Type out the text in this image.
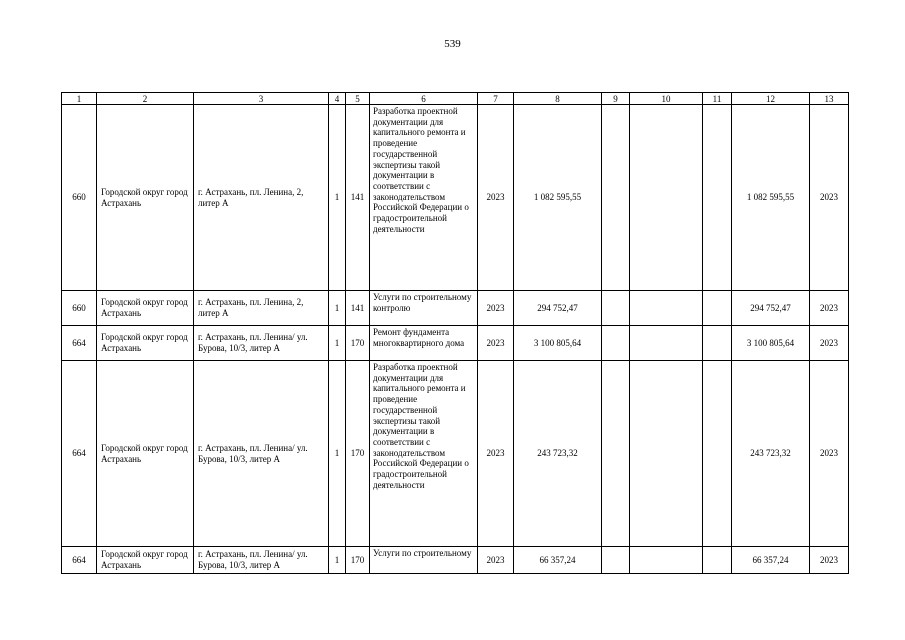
539
1	2	3	4	5	6	7	8	9	10	11	12	13
660	Городской округ город Астрахань	г. Астрахань, пл. Ленина, 2, литер А	1	141	Разработка проектной документации для капитального ремонта и проведение государственной экспертизы такой документации в соответствии с законодательством Российской Федерации о градостроительной деятельности	2023	1 082 595,55				1 082 595,55	2023
660	Городской округ город Астрахань	г. Астрахань, пл. Ленина, 2, литер А	1	141	Услуги по строительному контролю	2023	294 752,47				294 752,47	2023
664	Городской округ город Астрахань	г. Астрахань, пл. Ленина/ ул. Бурова, 10/3, литер А	1	170	Ремонт фундамента многоквартирного дома	2023	3 100 805,64				3 100 805,64	2023
664	Городской округ город Астрахань	г. Астрахань, пл. Ленина/ ул. Бурова, 10/3, литер А	1	170	Разработка проектной документации для капитального ремонта и проведение государственной экспертизы такой документации в соответствии с законодательством Российской Федерации о градостроительной деятельности	2023	243 723,32				243 723,32	2023
664	Городской округ город Астрахань	г. Астрахань, пл. Ленина/ ул. Бурова, 10/3, литер А	1	170	Услуги по строительному	2023	66 357,24				66 357,24	2023
